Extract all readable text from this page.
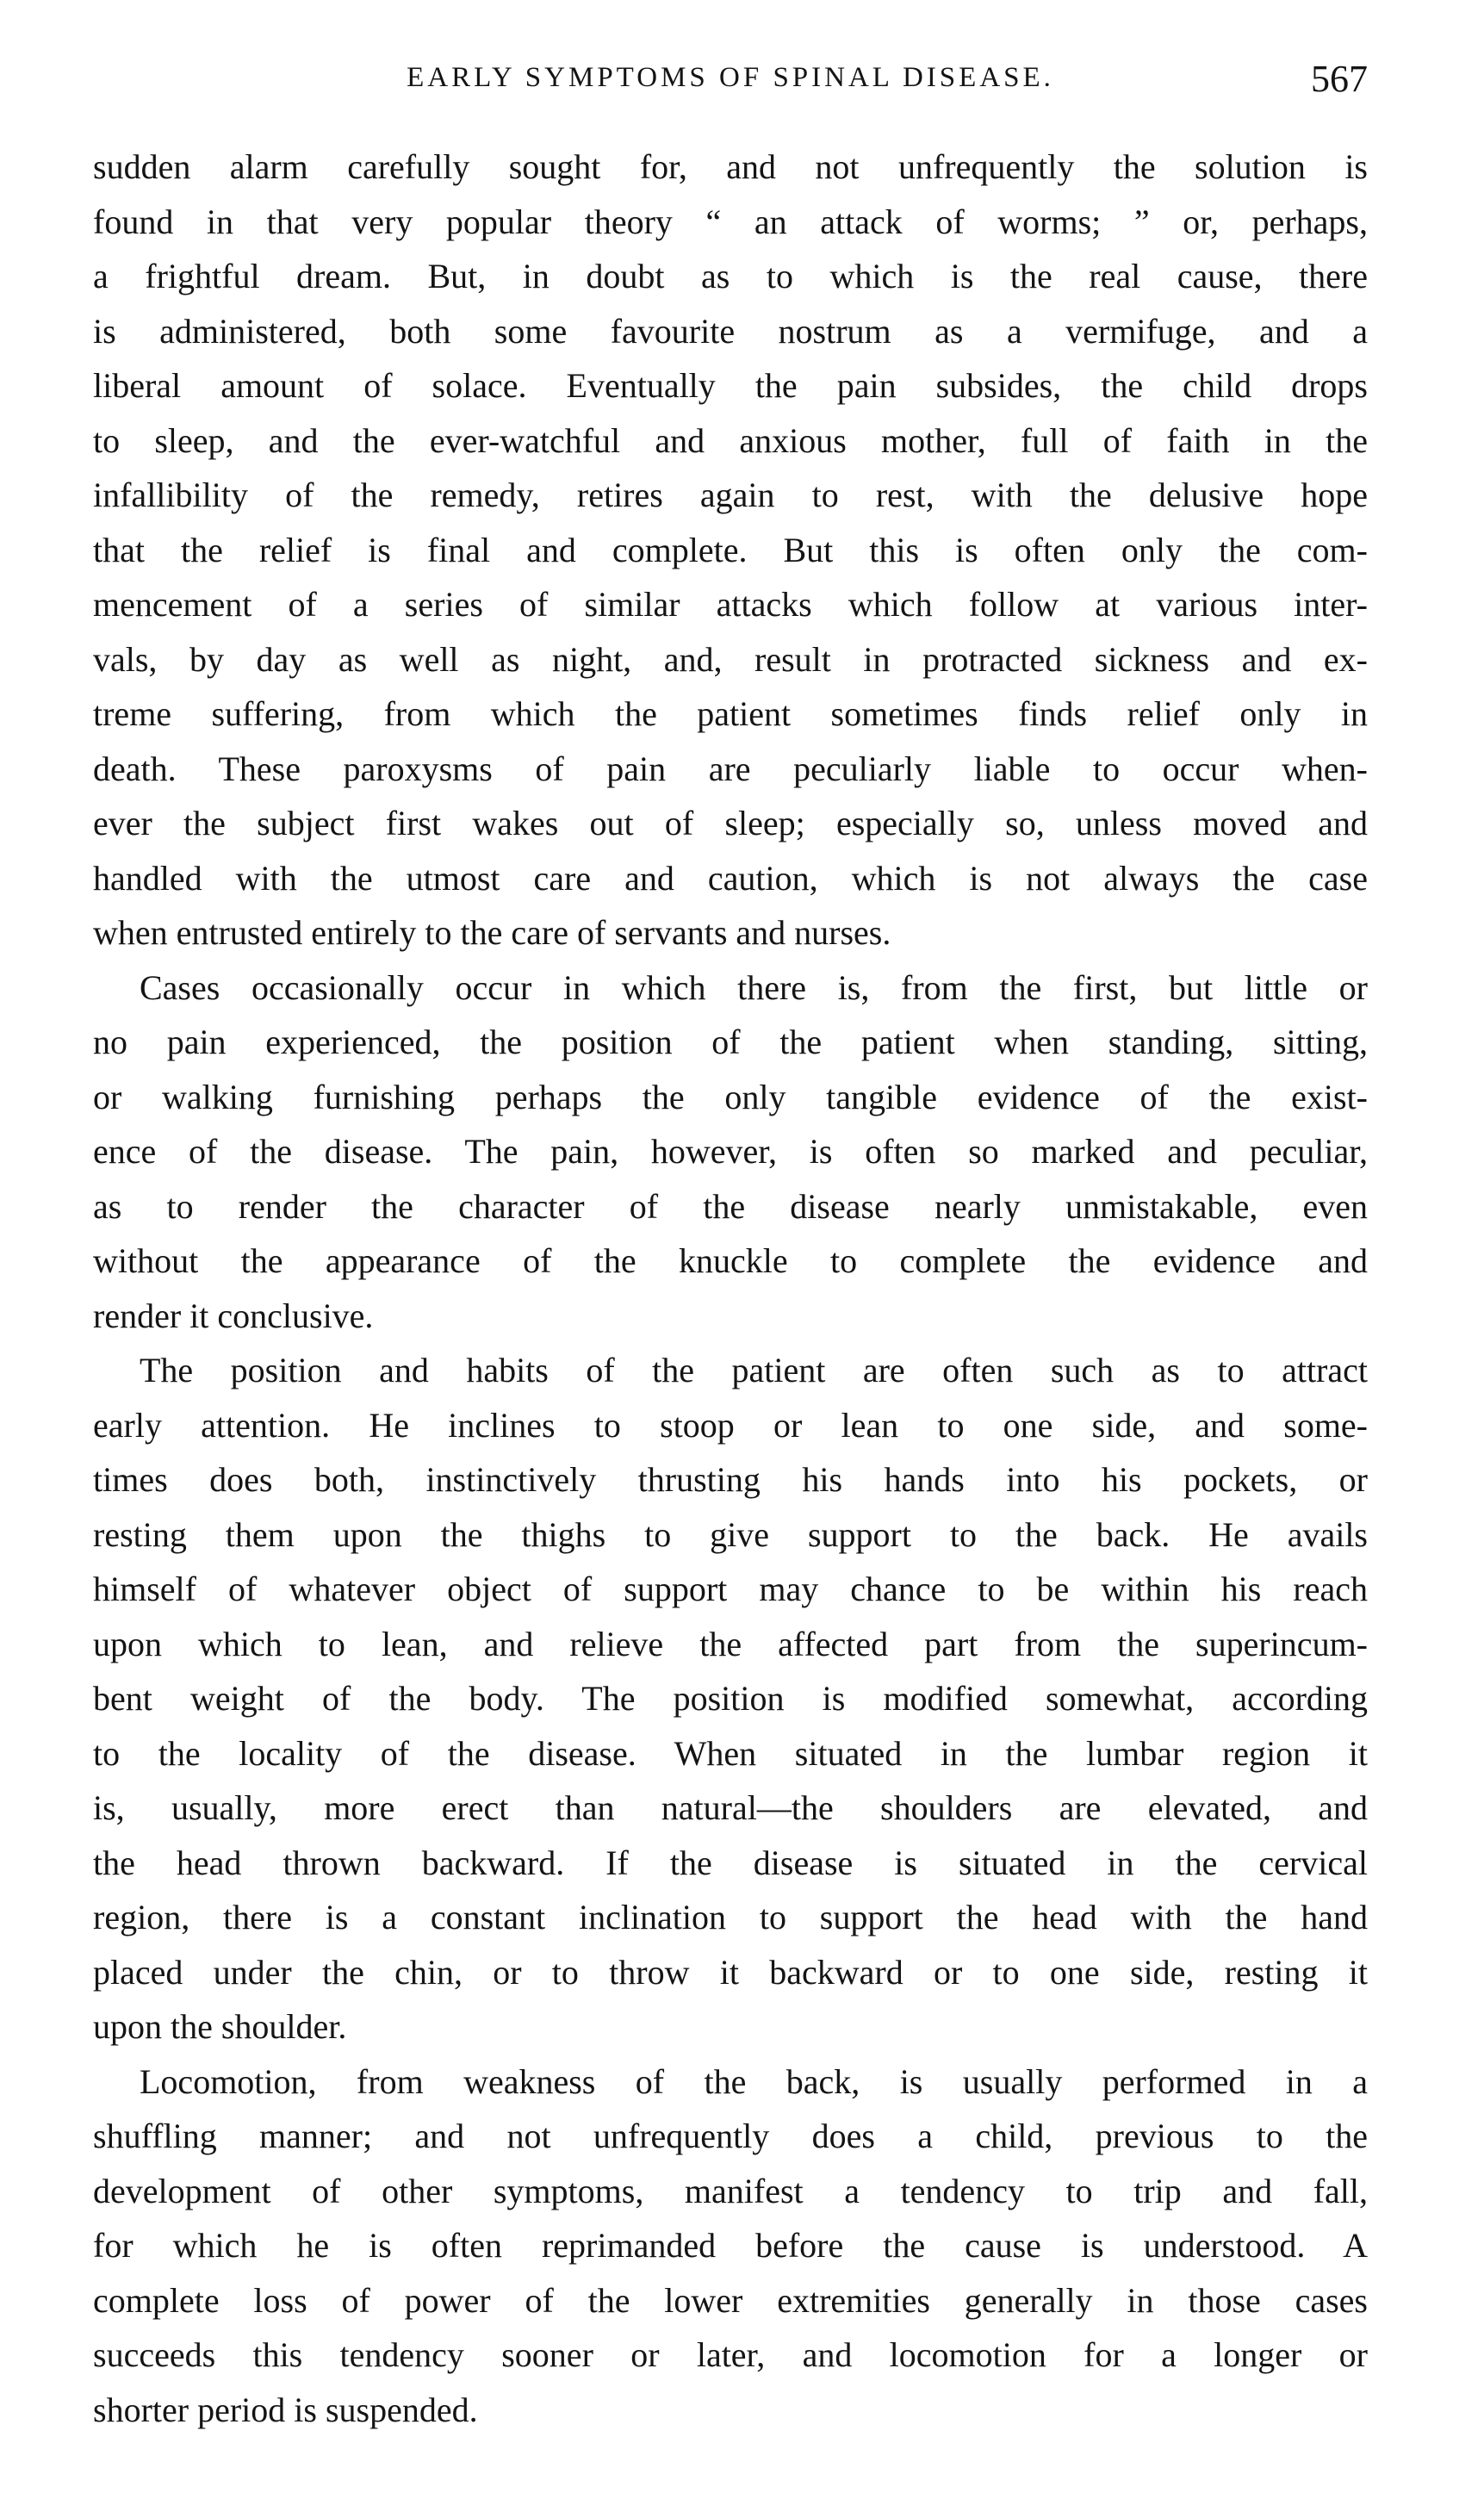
EARLY SYMPTOMS OF SPINAL DISEASE.	567
sudden alarm carefully sought for, and not unfrequently the solution is
found in that very popular theory “ an attack of worms; ” or, perhaps,
a frightful dream. But, in doubt as to which is the real cause, there
is administered, both some favourite nostrum as a vermifuge, and a
liberal amount of solace. Eventually the pain subsides, the child drops
to sleep, and the ever-watchful and anxious mother, full of faith in the
infallibility of the remedy, retires again to rest, with the delusive hope
that the relief is final and complete. But this is often only the com-
mencement of a series of similar attacks which follow at various inter-
vals, by day as well as night, and, result in protracted sickness and ex-
treme suffering, from which the patient sometimes finds relief only in
death. These paroxysms of pain are peculiarly liable to occur when-
ever the subject first wakes out of sleep; especially so, unless moved and
handled with the utmost care and caution, which is not always the case
when entrusted entirely to the care of servants and nurses.
Cases occasionally occur in which there is, from the first, but little or
no pain experienced, the position of the patient when standing, sitting,
or walking furnishing perhaps the only tangible evidence of the exist-
ence of the disease. The pain, however, is often so marked and peculiar,
as to render the character of the disease nearly unmistakable, even
without the appearance of the knuckle to complete the evidence and
render it conclusive.
The position and habits of the patient are often such as to attract
early attention. He inclines to stoop or lean to one side, and some-
times does both, instinctively thrusting his hands into his pockets, or
resting them upon the thighs to give support to the back. He avails
himself of whatever object of support may chance to be within his reach
upon which to lean, and relieve the affected part from the superincum-
bent weight of the body. The position is modified somewhat, according
to the locality of the disease. When situated in the lumbar region it
is, usually, more erect than natural—the shoulders are elevated, and
the head thrown backward. If the disease is situated in the cervical
region, there is a constant inclination to support the head with the hand
placed under the chin, or to throw it backward or to one side, resting it
upon the shoulder.
Locomotion, from weakness of the back, is usually performed in a
shuffling manner; and not unfrequently does a child, previous to the
development of other symptoms, manifest a tendency to trip and fall,
for which he is often reprimanded before the cause is understood. A
complete loss of power of the lower extremities generally in those cases
succeeds this tendency sooner or later, and locomotion for a longer or
shorter period is suspended.
